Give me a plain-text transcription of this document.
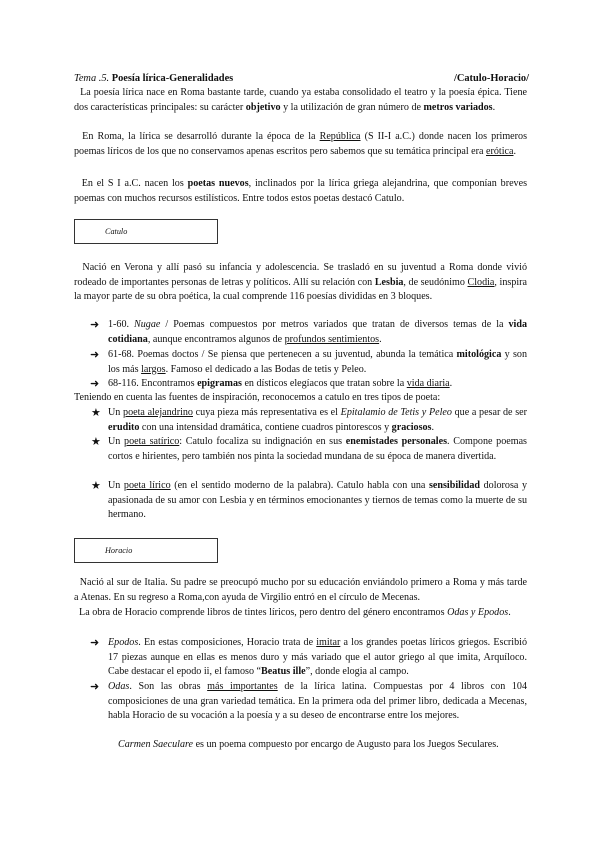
Tema .5. Poesía lírica-Generalidades	/Catulo-Horacio/
La poesía lírica nace en Roma bastante tarde, cuando ya estaba consolidado el teatro y la poesía épica. Tiene dos características principales: su carácter objetivo y la utilización de gran número de metros variados.
En Roma, la lírica se desarrolló durante la época de la República (S II-I a.C.) donde nacen los primeros poemas líricos de los que no conservamos apenas escritos pero sabemos que su temática principal era erótica.
En el S I a.C. nacen los poetas nuevos, inclinados por la lírica griega alejandrina, que componían breves poemas con muchos recursos estilísticos. Entre todos estos poetas destacó Catulo.
Catulo
Nació en Verona y allí pasó su infancia y adolescencia. Se trasladó en su juventud a Roma donde vivió rodeado de importantes personas de letras y políticos. Allí su relación con Lesbia, de seudónimo Clodia, inspira la mayor parte de su obra poética, la cual comprende 116 poesías divididas en 3 bloques.
➜ 1-60. Nugae / Poemas compuestos por metros variados que tratan de diversos temas de la vida cotidiana, aunque encontramos algunos de profundos sentimientos.
➜ 61-68. Poemas doctos / Se piensa que pertenecen a su juventud, abunda la temática mitológica y son los más largos. Famoso el dedicado a las Bodas de tetis y Peleo.
➜ 68-116. Encontramos epigramas en dísticos elegíacos que tratan sobre la vida diaria.
Teniendo en cuenta las fuentes de inspiración, reconocemos a catulo en tres tipos de poeta:
★ Un poeta alejandrino cuya pieza más representativa es el Epitalamio de Tetis y Peleo que a pesar de ser erudito con una intensidad dramática, contiene cuadros pintorescos y graciosos.
★ Un poeta satírico: Catulo focaliza su indignación en sus enemistades personales. Compone poemas cortos e hirientes, pero también nos pinta la sociedad mundana de su época de manera divertida.
★ Un poeta lírico (en el sentido moderno de la palabra). Catulo habla con una sensibilidad dolorosa y apasionada de su amor con Lesbia y en términos emocionantes y tiernos de temas como la muerte de su hermano.
Horacio
Nació al sur de Italia. Su padre se preocupó mucho por su educación enviándolo primero a Roma y más tarde a Atenas. En su regreso a Roma,con ayuda de Virgilio entró en el círculo de Mecenas.
La obra de Horacio comprende libros de tintes líricos, pero dentro del género encontramos Odas y Epodos.
➜ Epodos. En estas composiciones, Horacio trata de imitar a los grandes poetas líricos griegos. Escribió 17 piezas aunque en ellas es menos duro y más variado que el autor griego al que imita, Arquíloco. Cabe destacar el epodo ii, el famoso “Beatus ille”, donde elogia al campo.
➜ Odas. Son las obras más importantes de la lírica latina. Compuestas por 4 libros con 104 composiciones de una gran variedad temática. En la primera oda del primer libro, dedicada a Mecenas, habla Horacio de su vocación a la poesía y a su deseo de encontrarse entre los mejores.
Carmen Saeculare es un poema compuesto por encargo de Augusto para los Juegos Seculares.
